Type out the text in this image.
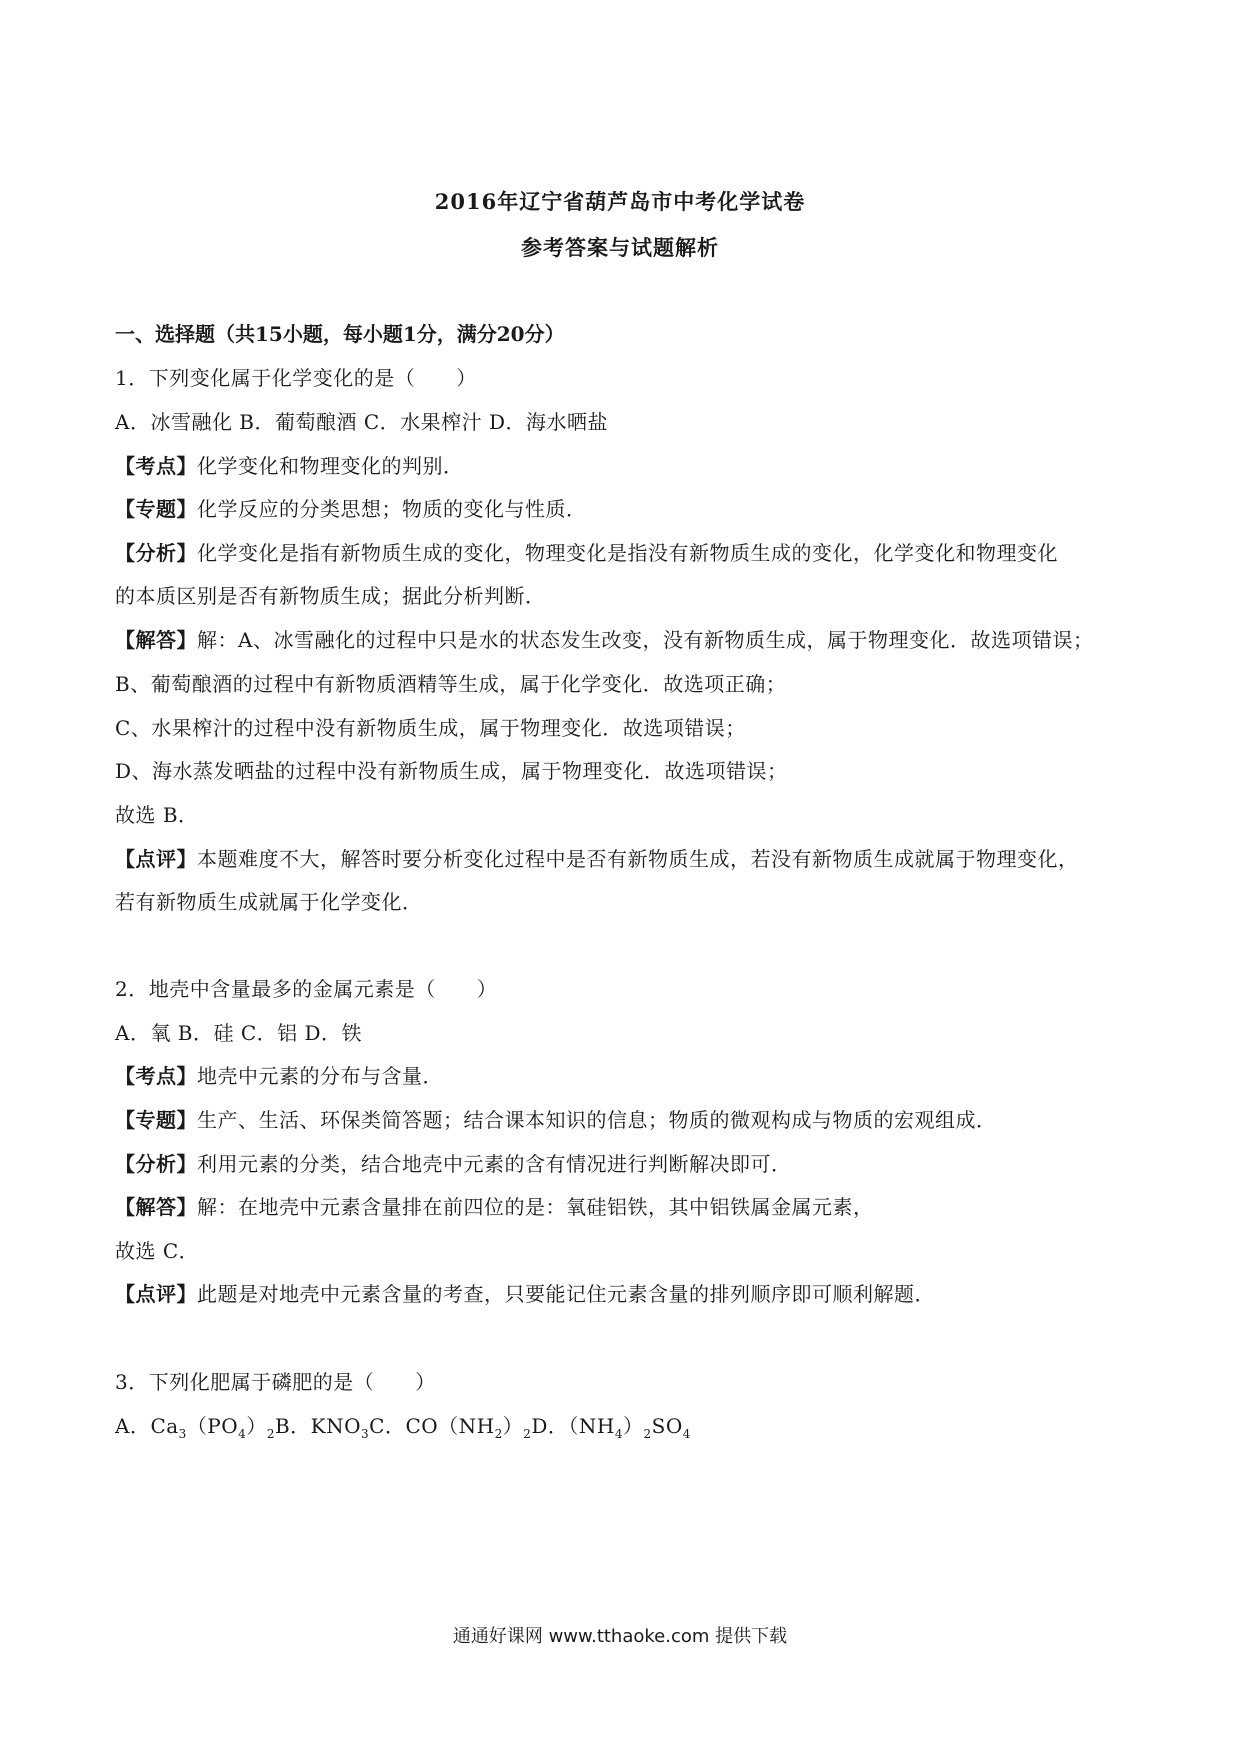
2016年辽宁省葫芦岛市中考化学试卷
参考答案与试题解析
一、选择题（共15小题，每小题1分，满分20分）
1．下列变化属于化学变化的是（　　）
A．冰雪融化 B．葡萄酿酒 C．水果榨汁 D．海水晒盐
【考点】化学变化和物理变化的判别．
【专题】化学反应的分类思想；物质的变化与性质．
【分析】化学变化是指有新物质生成的变化，物理变化是指没有新物质生成的变化，化学变化和物理变化
的本质区别是否有新物质生成；据此分析判断．
【解答】解：A、冰雪融化的过程中只是水的状态发生改变，没有新物质生成，属于物理变化．故选项错误；
B、葡萄酿酒的过程中有新物质酒精等生成，属于化学变化．故选项正确；
C、水果榨汁的过程中没有新物质生成，属于物理变化．故选项错误；
D、海水蒸发晒盐的过程中没有新物质生成，属于物理变化．故选项错误；
故选 B．
【点评】本题难度不大，解答时要分析变化过程中是否有新物质生成，若没有新物质生成就属于物理变化，
若有新物质生成就属于化学变化．
2．地壳中含量最多的金属元素是（　　）
A．氧 B．硅 C．铝 D．铁
【考点】地壳中元素的分布与含量．
【专题】生产、生活、环保类简答题；结合课本知识的信息；物质的微观构成与物质的宏观组成．
【分析】利用元素的分类，结合地壳中元素的含有情况进行判断解决即可．
【解答】解：在地壳中元素含量排在前四位的是：氧硅铝铁，其中铝铁属金属元素，
故选 C．
【点评】此题是对地壳中元素含量的考查，只要能记住元素含量的排列顺序即可顺利解题．
3．下列化肥属于磷肥的是（　　）
A．$Ca_3(PO_4)_2B$．$KNO_3C$．$CO(NH_2)_2D$．$(NH_4)_2SO_4$
通通好课网 www.tthaoke.com 提供下载
